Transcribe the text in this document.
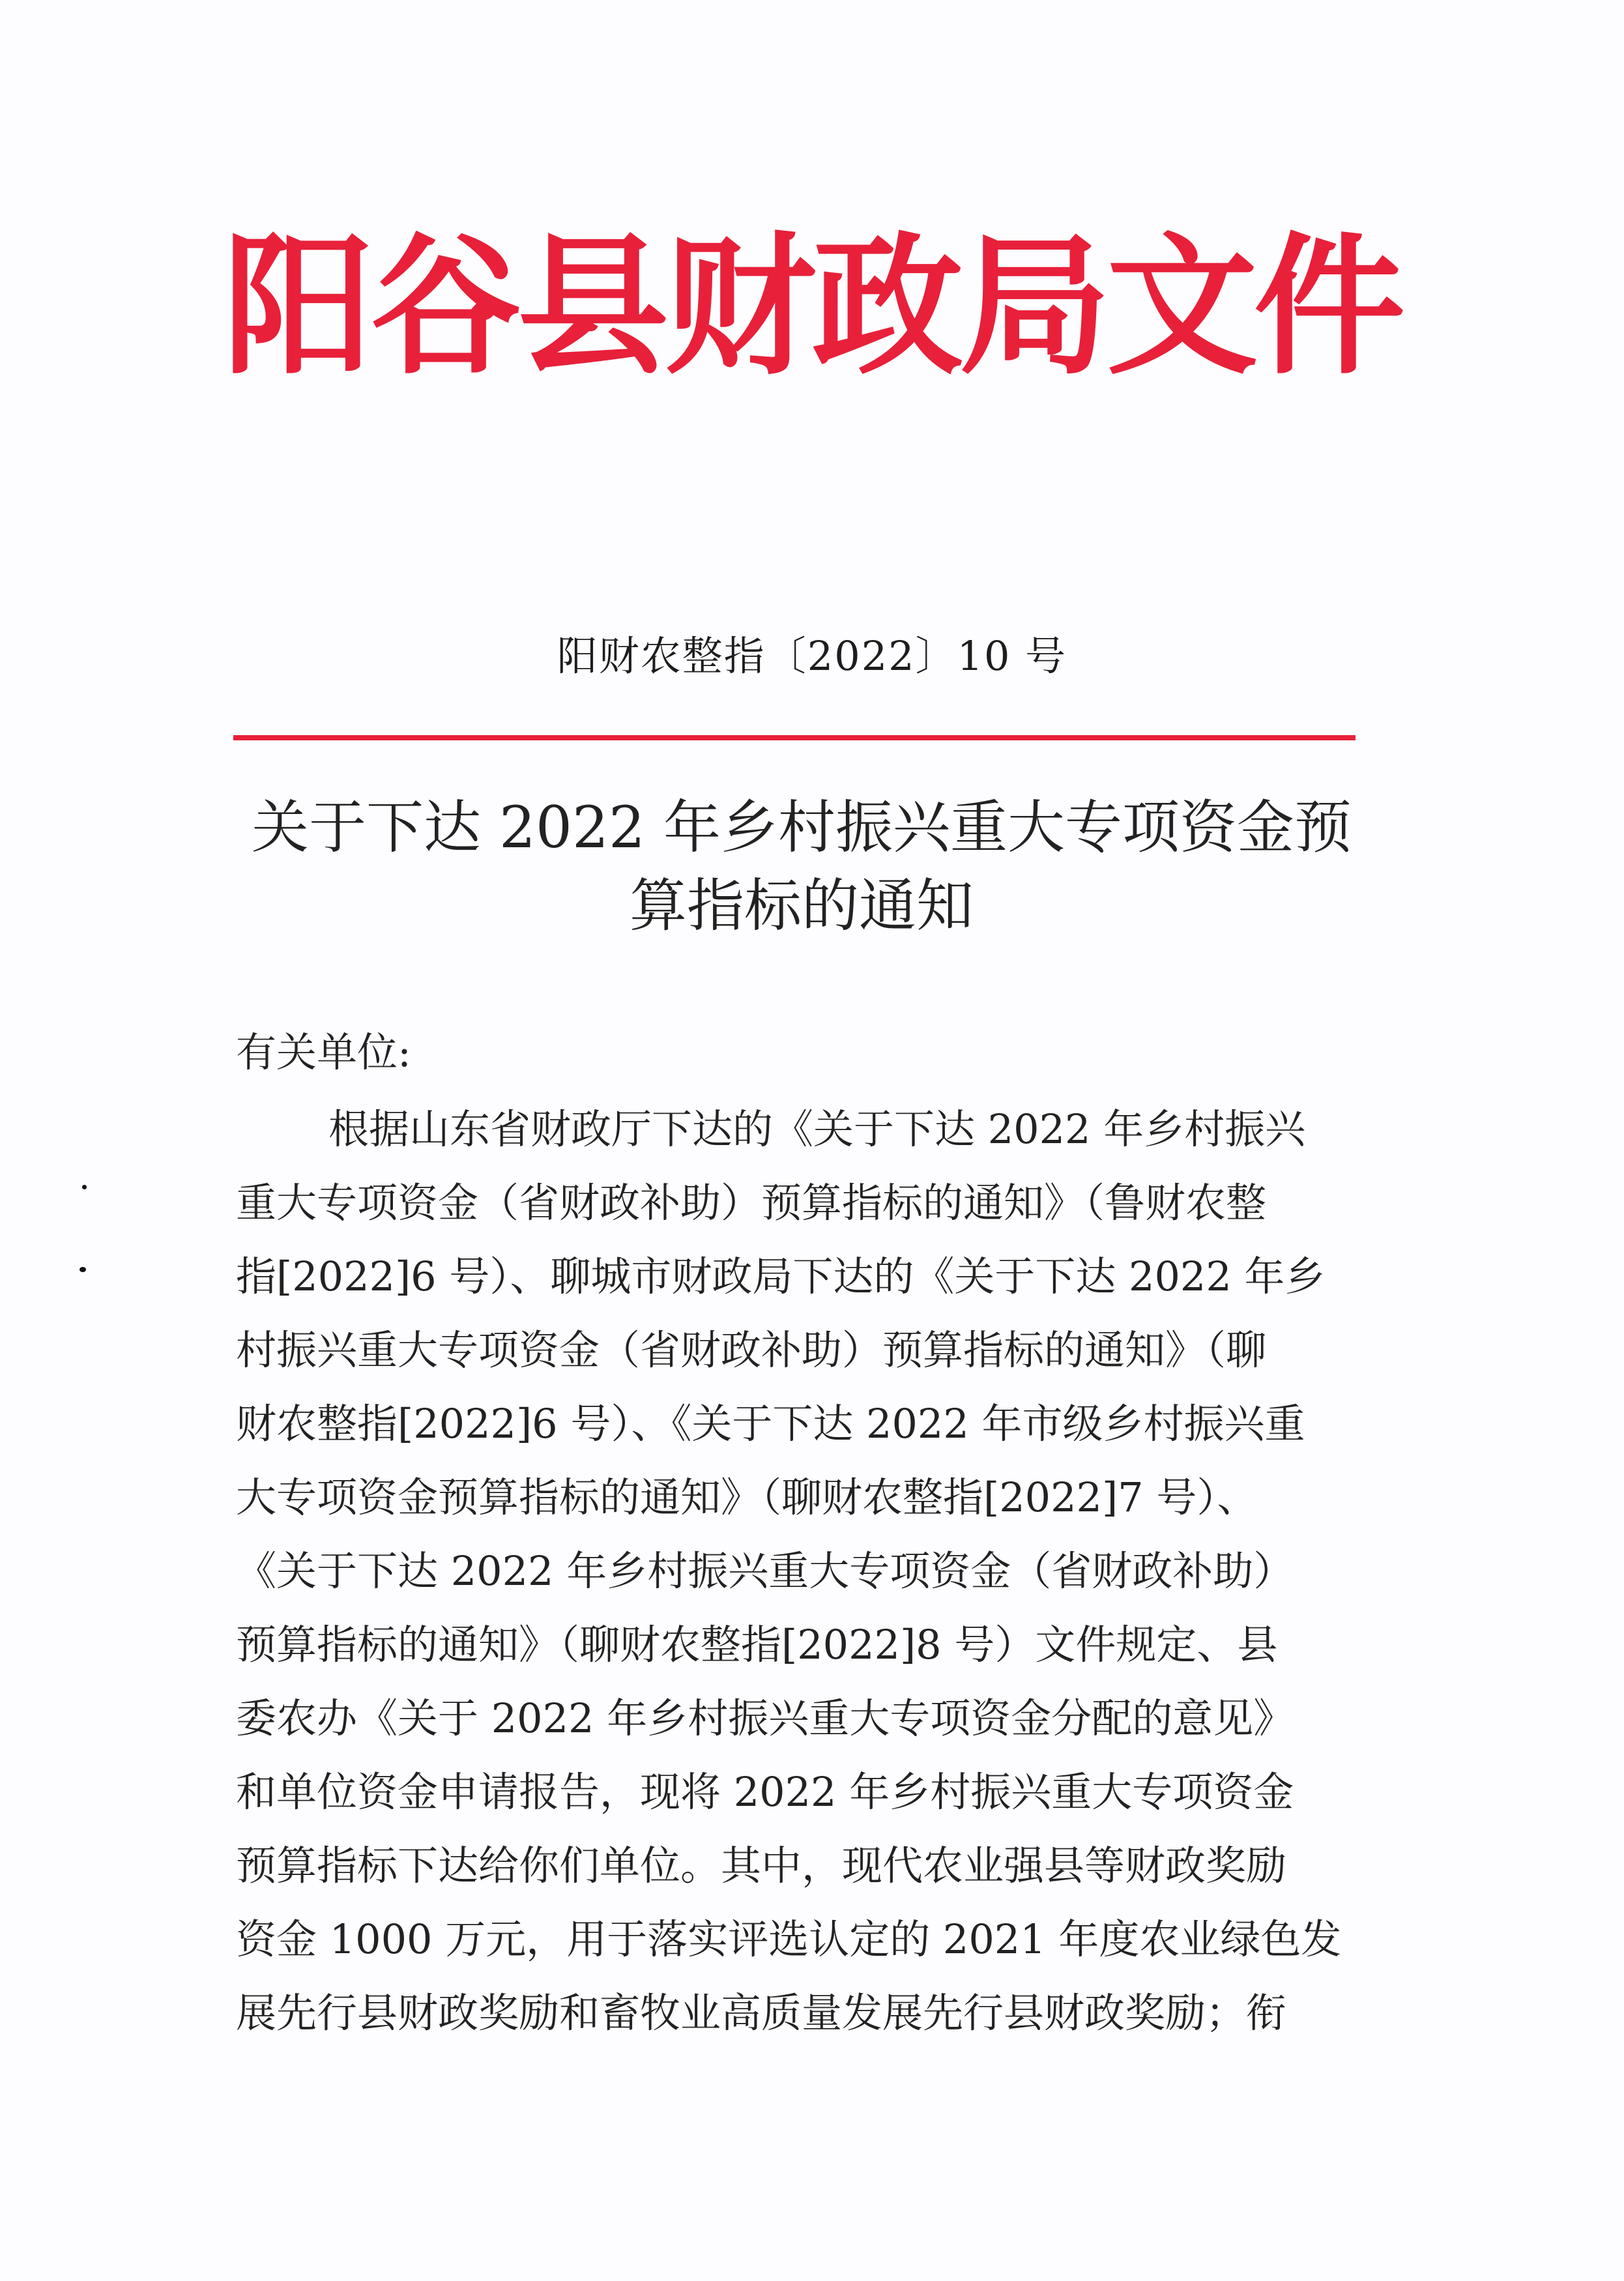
阳谷县财政局文件
阳财农整指〔2022〕10 号
关于下达 2022 年乡村振兴重大专项资金预
算指标的通知
有关单位:
根据山东省财政厅下达的《关于下达 2022 年乡村振兴
重大专项资金（省财政补助）预算指标的通知》（鲁财农整
指[2022]6 号）、聊城市财政局下达的《关于下达 2022 年乡
村振兴重大专项资金（省财政补助）预算指标的通知》（聊
财农整指[2022]6 号）、《关于下达 2022 年市级乡村振兴重
大专项资金预算指标的通知》（聊财农整指[2022]7 号）、
《关于下达 2022 年乡村振兴重大专项资金（省财政补助）
预算指标的通知》（聊财农整指[2022]8 号）文件规定、县
委农办《关于 2022 年乡村振兴重大专项资金分配的意见》
和单位资金申请报告，现将 2022 年乡村振兴重大专项资金
预算指标下达给你们单位。其中，现代农业强县等财政奖励
资金 1000 万元，用于落实评选认定的 2021 年度农业绿色发
展先行县财政奖励和畜牧业高质量发展先行县财政奖励；衔
